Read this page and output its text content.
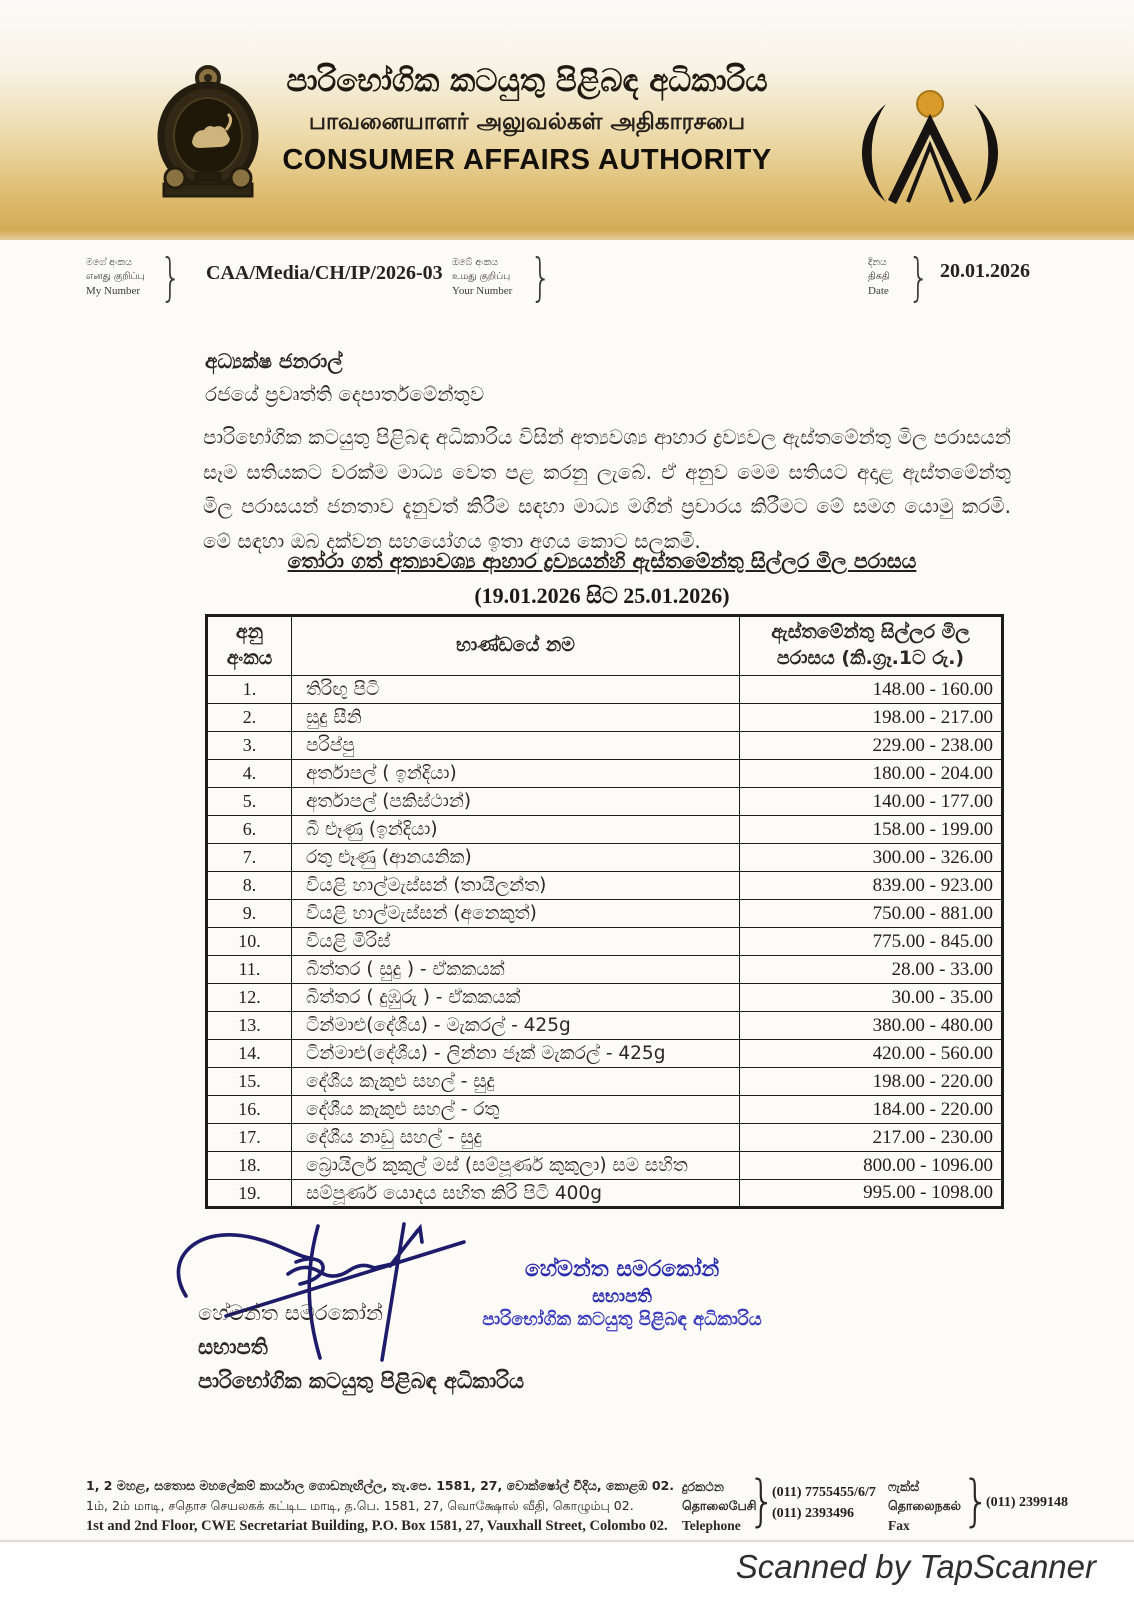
පාරිභෝගික කටයුතු පිළිබඳ අධිකාරිය
பாவனையாளர் அலுவல்கள் அதிகாரசபை
CONSUMER AFFAIRS AUTHORITY
මගේ අංකය
எனது குறிப்பு
My Number } CAA/Media/CH/IP/2026-03 ඔබේ අංකය
உமது குறிப்பு
Your Number }	දිනය
திகதி
Date } 20.01.2026
අධ්‍යක්ෂ ජනරාල්
රජයේ ප්‍රවෘත්ති දෙපාර්තමේන්තුව
පාරිභෝගික කටයුතු පිළිබඳ අධිකාරිය විසින් අත්‍යවශ්‍ය ආහාර ද්‍රව්‍යවල ඇස්තමේන්තු මිල පරාසයන් සෑම සතියකට වරක්ම මාධ්‍ය වෙත පළ කරනු ලැබේ. ඒ අනුව මෙම සතියට අදාළ ඇස්තමේන්තු මිල පරාසයන් ජනතාව දැනුවත් කිරීම සඳහා මාධ්‍ය මගින් ප්‍රචාරය කිරීමට මේ සමග යොමු කරමි. මේ සඳහා ඔබ දක්වන සහයෝගය ඉතා අගය කොට සලකමි.
තෝරා ගත් අත්‍යාවශ්‍ය ආහාර ද්‍රව්‍යයන්හි ඇස්තමේන්තු සිල්ලර මිල පරාසය
(19.01.2026 සිට 25.01.2026)
අනු අංකය	භාණ්ඩයේ නම	ඇස්තමේන්තු සිල්ලර මිල පරාසය (කි.ග්‍රෑ.1ට රු.)
1.	තිරිඟු පිටි	148.00 - 160.00
2.	සුදු සීනි	198.00 - 217.00
3.	පරිප්පු	229.00 - 238.00
4.	අර්තාපල් ( ඉන්දියා)	180.00 - 204.00
5.	අර්තාපල් (පකිස්ථාන්)	140.00 - 177.00
6.	බී ළූණු (ඉන්දියා)	158.00 - 199.00
7.	රතු ළූණු (ආනයනික)	300.00 - 326.00
8.	වියළි හාල්මැස්සන් (තායිලන්ත)	839.00 - 923.00
9.	වියළි හාල්මැස්සන් (අනෙකුත්)	750.00 - 881.00
10.	වියළි මිරිස්	775.00 - 845.00
11.	බිත්තර ( සුදු ) - ඒකකයක්	28.00 - 33.00
12.	බිත්තර ( දුඹුරු ) - ඒකකයක්	30.00 - 35.00
13.	ටින්මාළු(දේශීය) - මැකරල් - 425g	380.00 - 480.00
14.	ටින්මාළු(දේශීය) - ලින්නා ජෑක් මැකරල් - 425g	420.00 - 560.00
15.	දේශීය කැකුළු සහල් - සුදු	198.00 - 220.00
16.	දේශීය කැකුළු සහල් - රතු	184.00 - 220.00
17.	දේශීය නාඩු සහල් - සුදු	217.00 - 230.00
18.	බ්‍රොයිලර් කුකුල් මස් (සම්පූර්ණ කුකුලා) සම සහිත	800.00 - 1096.00
19.	සම්පූර්ණ යොදය සහිත කිරි පිටි 400g	995.00 - 1098.00
හේමන්ත සමරකෝන්
සභාපති
පාරිභෝගික කටයුතු පිළිබඳ අධිකාරිය
හේමන්ත සමරකෝන්
සභාපති
පාරිභෝගික කටයුතු පිළිබඳ අධිකාරිය
1, 2 මහළ, සතොස මහලේකම් කාර්යාල ගොඩනැඟිල්ල, තැ.පෙ. 1581, 27, වොක්ෂෝල් වීදිය, කොළඹ 02.
1ம், 2ம் மாடி, சதொச செயலகக் கட்டிட மாடி, த.பெ. 1581, 27, வொக்ஷோல் வீதி, கொழும்பு 02.
1st and 2nd Floor, CWE Secretariat Building, P.O. Box 1581, 27, Vauxhall Street, Colombo 02.
දුරකථන
தொலைபேசி
Telephone }
(011) 7755455/6/7
(011) 2393496
ෆැක්ස්
தொலைநகல்
Fax	}
(011) 2399148
Scanned by TapScanner
